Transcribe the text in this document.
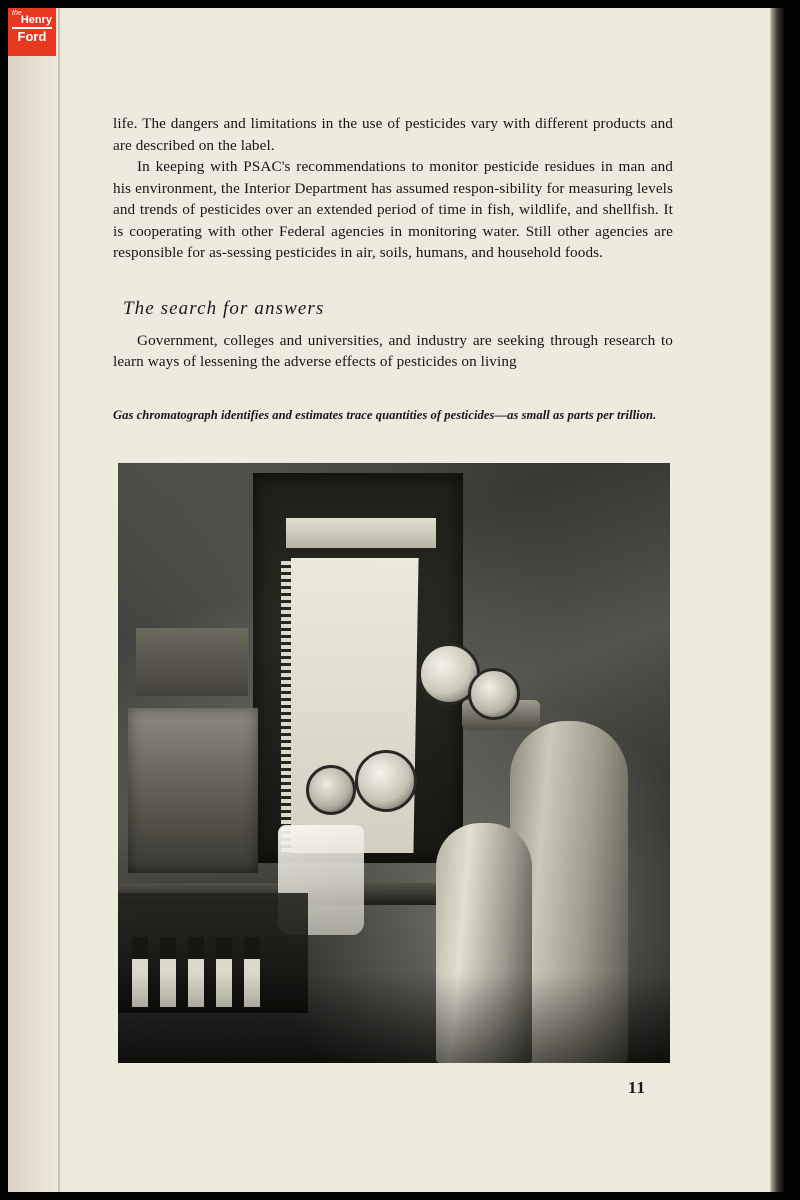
the
Henry
Ford

life. The dangers and limitations in the use of pesticides vary with different products and are described on the label.

In keeping with PSAC's recommendations to monitor pesticide residues in man and his environment, the Interior Department has assumed respon-sibility for measuring levels and trends of pesticides over an extended period of time in fish, wildlife, and shellfish. It is cooperating with other Federal agencies in monitoring water. Still other agencies are responsible for as-sessing pesticides in air, soils, humans, and household foods.

The search for answers

Government, colleges and universities, and industry are seeking through research to learn ways of lessening the adverse effects of pesticides on living

Gas chromatograph identifies and estimates trace quantities of pesticides—as small as parts per trillion.

11
